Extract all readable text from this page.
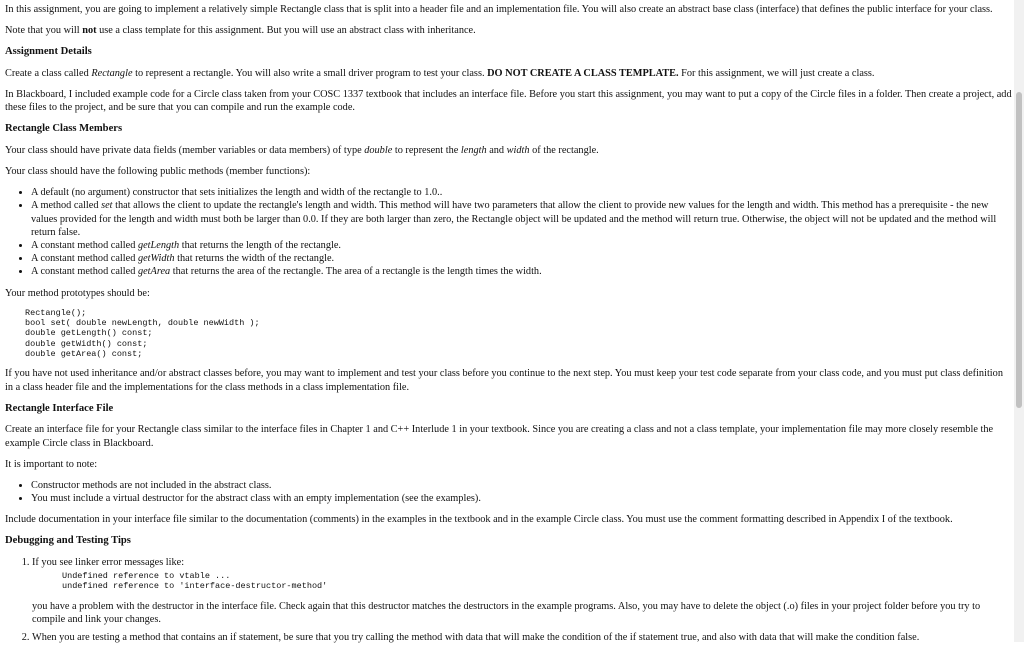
In this assignment, you are going to implement a relatively simple Rectangle class that is split into a header file and an implementation file. You will also create an abstract base class (interface) that defines the public interface for your class.

Note that you will not use a class template for this assignment. But you will use an abstract class with inheritance.

Assignment Details

Create a class called Rectangle to represent a rectangle. You will also write a small driver program to test your class. DO NOT CREATE A CLASS TEMPLATE. For this assignment, we will just create a class.

In Blackboard, I included example code for a Circle class taken from your COSC 1337 textbook that includes an interface file. Before you start this assignment, you may want to put a copy of the Circle files in a folder. Then create a project, add these files to the project, and be sure that you can compile and run the example code.

Rectangle Class Members

Your class should have private data fields (member variables or data members) of type double to represent the length and width of the rectangle.

Your class should have the following public methods (member functions):

• A default (no argument) constructor that sets initializes the length and width of the rectangle to 1.0..
• A method called set that allows the client to update the rectangle's length and width. This method will have two parameters that allow the client to provide new values for the length and width. This method has a prerequisite - the new values provided for the length and width must both be larger than 0.0. If they are both larger than zero, the Rectangle object will be updated and the method will return true. Otherwise, the object will not be updated and the method will return false.
• A constant method called getLength that returns the length of the rectangle.
• A constant method called getWidth that returns the width of the rectangle.
• A constant method called getArea that returns the area of the rectangle. The area of a rectangle is the length times the width.

Your method prototypes should be:

Rectangle();
bool set( double newLength, double newWidth );
double getLength() const;
double getWidth() const;
double getArea() const;

If you have not used inheritance and/or abstract classes before, you may want to implement and test your class before you continue to the next step. You must keep your test code separate from your class code, and you must put class definition in a class header file and the implementations for the class methods in a class implementation file.

Rectangle Interface File

Create an interface file for your Rectangle class similar to the interface files in Chapter 1 and C++ Interlude 1 in your textbook. Since you are creating a class and not a class template, your implementation file may more closely resemble the example Circle class in Blackboard.

It is important to note:

• Constructor methods are not included in the abstract class.
• You must include a virtual destructor for the abstract class with an empty implementation (see the examples).

Include documentation in your interface file similar to the documentation (comments) in the examples in the textbook and in the example Circle class. You must use the comment formatting described in Appendix I of the textbook.

Debugging and Testing Tips
1. If you see linker error messages like:
Undefined reference to vtable ...
undefined reference to 'interface-destructor-method'
you have a problem with the destructor in the interface file. Check again that this destructor matches the destructors in the example programs. Also, you may have to delete the object (.o) files in your project folder before you try to compile and link your changes.
2. When you are testing a method that contains an if statement, be sure that you try calling the method with data that will make the condition of the if statement true, and also with data that will make the condition false.
